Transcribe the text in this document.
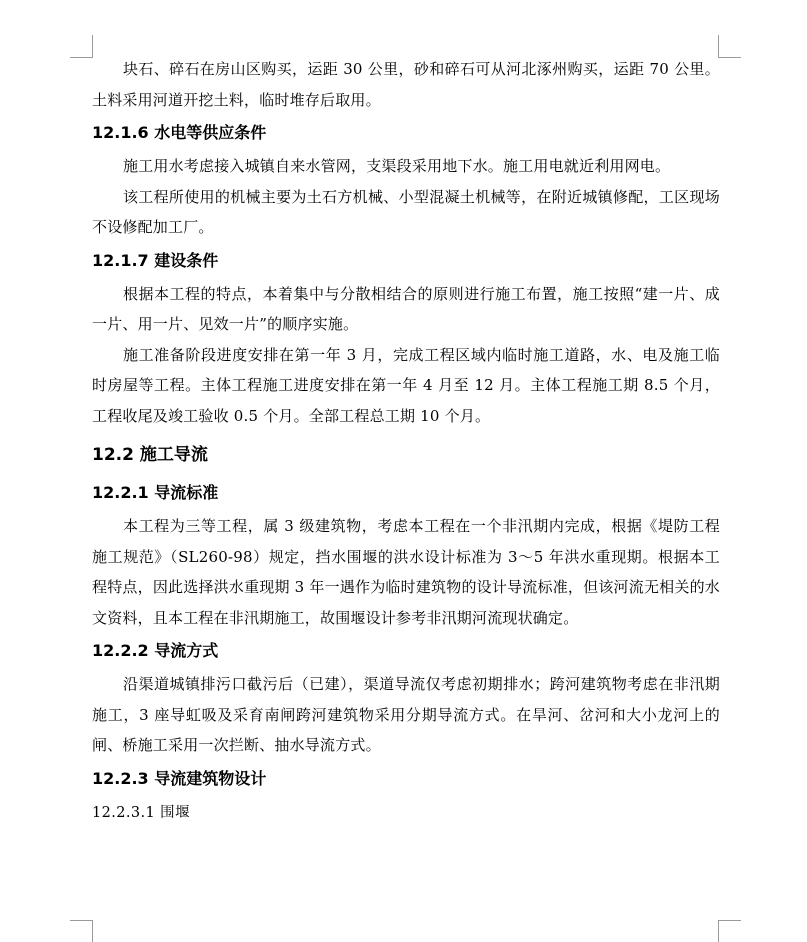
块石、碎石在房山区购买，运距 30 公里，砂和碎石可从河北涿州购买，运距 70 公里。土料采用河道开挖土料，临时堆存后取用。

12.1.6 水电等供应条件

施工用水考虑接入城镇自来水管网，支渠段采用地下水。施工用电就近利用网电。

该工程所使用的机械主要为土石方机械、小型混凝土机械等，在附近城镇修配，工区现场不设修配加工厂。

12.1.7 建设条件

根据本工程的特点，本着集中与分散相结合的原则进行施工布置，施工按照“建一片、成一片、用一片、见效一片”的顺序实施。

施工准备阶段进度安排在第一年 3 月，完成工程区域内临时施工道路，水、电及施工临时房屋等工程。主体工程施工进度安排在第一年 4 月至 12 月。主体工程施工期 8.5 个月，工程收尾及竣工验收 0.5 个月。全部工程总工期 10 个月。

12.2 施工导流
12.2.1 导流标准

本工程为三等工程，属 3 级建筑物，考虑本工程在一个非汛期内完成，根据《堤防工程施工规范》（SL260-98）规定，挡水围堰的洪水设计标准为 3～5 年洪水重现期。根据本工程特点，因此选择洪水重现期 3 年一遇作为临时建筑物的设计导流标准，但该河流无相关的水文资料，且本工程在非汛期施工，故围堰设计参考非汛期河流现状确定。

12.2.2 导流方式

沿渠道城镇排污口截污后（已建），渠道导流仅考虑初期排水；跨河建筑物考虑在非汛期施工，3 座导虹吸及采育南闸跨河建筑物采用分期导流方式。在旱河、岔河和大小龙河上的闸、桥施工采用一次拦断、抽水导流方式。

12.2.3 导流建筑物设计
12.2.3.1 围堰
